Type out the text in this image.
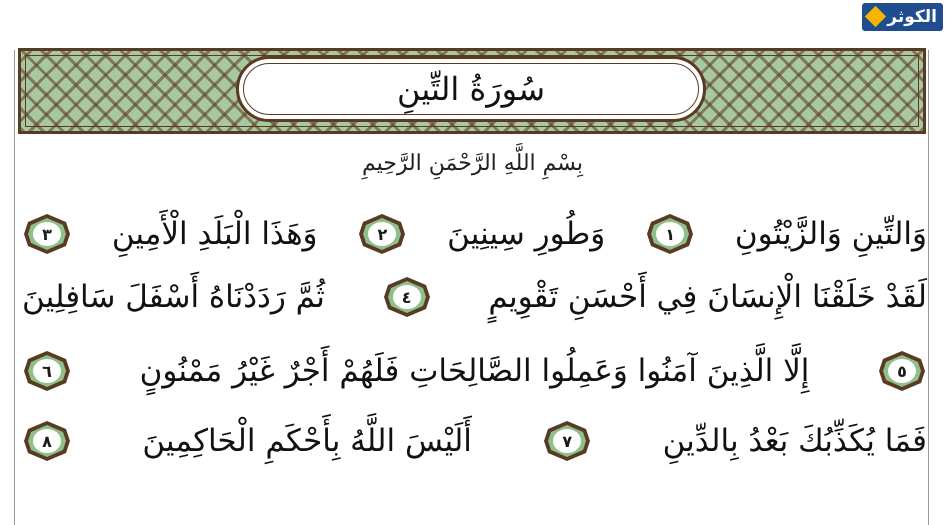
الكوثر
سُورَةُ التِّينِ
بِسْمِ اللَّهِ الرَّحْمَنِ الرَّحِيمِ
وَالتِّينِ وَالزَّيْتُونِ
١
وَطُورِ سِينِينَ
٢
وَهَذَا الْبَلَدِ الْأَمِينِ
٣
لَقَدْ خَلَقْنَا الْإِنسَانَ فِي أَحْسَنِ تَقْوِيمٍ
٤
ثُمَّ رَدَدْنَاهُ أَسْفَلَ سَافِلِينَ
٥
إِلَّا الَّذِينَ آمَنُوا وَعَمِلُوا الصَّالِحَاتِ فَلَهُمْ أَجْرٌ غَيْرُ مَمْنُونٍ
٦
فَمَا يُكَذِّبُكَ بَعْدُ بِالدِّينِ
٧
أَلَيْسَ اللَّهُ بِأَحْكَمِ الْحَاكِمِينَ
٨
